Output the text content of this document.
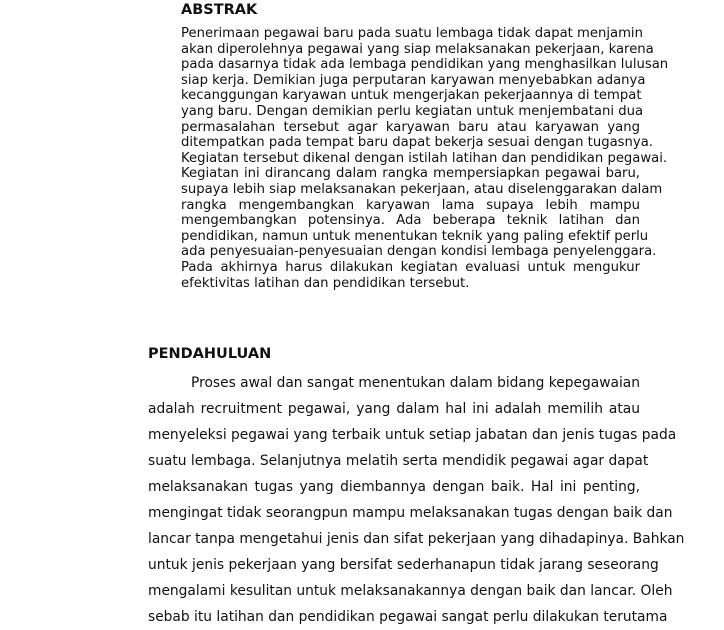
ABSTRAK
Penerimaan pegawai baru pada suatu lembaga tidak dapat menjamin
akan diperolehnya pegawai yang siap melaksanakan pekerjaan, karena
pada dasarnya tidak ada lembaga pendidikan yang menghasilkan lulusan
siap kerja. Demikian juga perputaran karyawan menyebabkan adanya
kecanggungan karyawan untuk mengerjakan pekerjaannya di tempat
yang baru. Dengan demikian perlu kegiatan untuk menjembatani dua
permasalahan tersebut agar karyawan baru atau karyawan yang
ditempatkan pada tempat baru dapat bekerja sesuai dengan tugasnya.
Kegiatan tersebut dikenal dengan istilah latihan dan pendidikan pegawai.
Kegiatan ini dirancang dalam rangka mempersiapkan pegawai baru,
supaya lebih siap melaksanakan pekerjaan, atau diselenggarakan dalam
rangka mengembangkan karyawan lama supaya lebih mampu
mengembangkan potensinya. Ada beberapa teknik latihan dan
pendidikan, namun untuk menentukan teknik yang paling efektif perlu
ada penyesuaian-penyesuaian dengan kondisi lembaga penyelenggara.
Pada akhirnya harus dilakukan kegiatan evaluasi untuk mengukur
efektivitas latihan dan pendidikan tersebut.
PENDAHULUAN
Proses awal dan sangat menentukan dalam bidang kepegawaian
adalah recruitment pegawai, yang dalam hal ini adalah memilih atau
menyeleksi pegawai yang terbaik untuk setiap jabatan dan jenis tugas pada
suatu lembaga. Selanjutnya melatih serta mendidik pegawai agar dapat
melaksanakan tugas yang diembannya dengan baik. Hal ini penting,
mengingat tidak seorangpun mampu melaksanakan tugas dengan baik dan
lancar tanpa mengetahui jenis dan sifat pekerjaan yang dihadapinya. Bahkan
untuk jenis pekerjaan yang bersifat sederhanapun tidak jarang seseorang
mengalami kesulitan untuk melaksanakannya dengan baik dan lancar. Oleh
sebab itu latihan dan pendidikan pegawai sangat perlu dilakukan terutama
